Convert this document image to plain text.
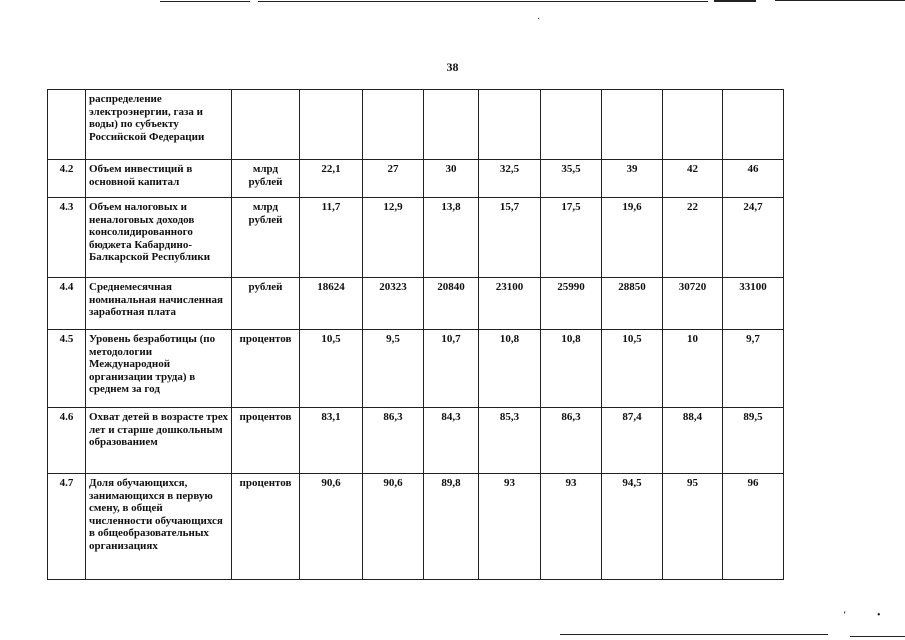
·
‘	•
38
	распределение электроэнергии, газа и воды) по субъекту Российской Федерации									
4.2	Объем инвестиций в основной капитал	млрд рублей	22,1	27	30	32,5	35,5	39	42	46
4.3	Объем налоговых и неналоговых доходов консолидированного бюджета Кабардино-Балкарской Республики	млрд рублей	11,7	12,9	13,8	15,7	17,5	19,6	22	24,7
4.4	Среднемесячная номинальная начисленная заработная плата	рублей	18624	20323	20840	23100	25990	28850	30720	33100
4.5	Уровень безработицы (по методологии Международной организации труда) в среднем за год	процентов	10,5	9,5	10,7	10,8	10,8	10,5	10	9,7
4.6	Охват детей в возрасте трех лет и старше дошкольным образованием	процентов	83,1	86,3	84,3	85,3	86,3	87,4	88,4	89,5
4.7	Доля обучающихся, занимающихся в первую смену, в общей численности обучающихся в общеобразовательных организациях	процентов	90,6	90,6	89,8	93	93	94,5	95	96
